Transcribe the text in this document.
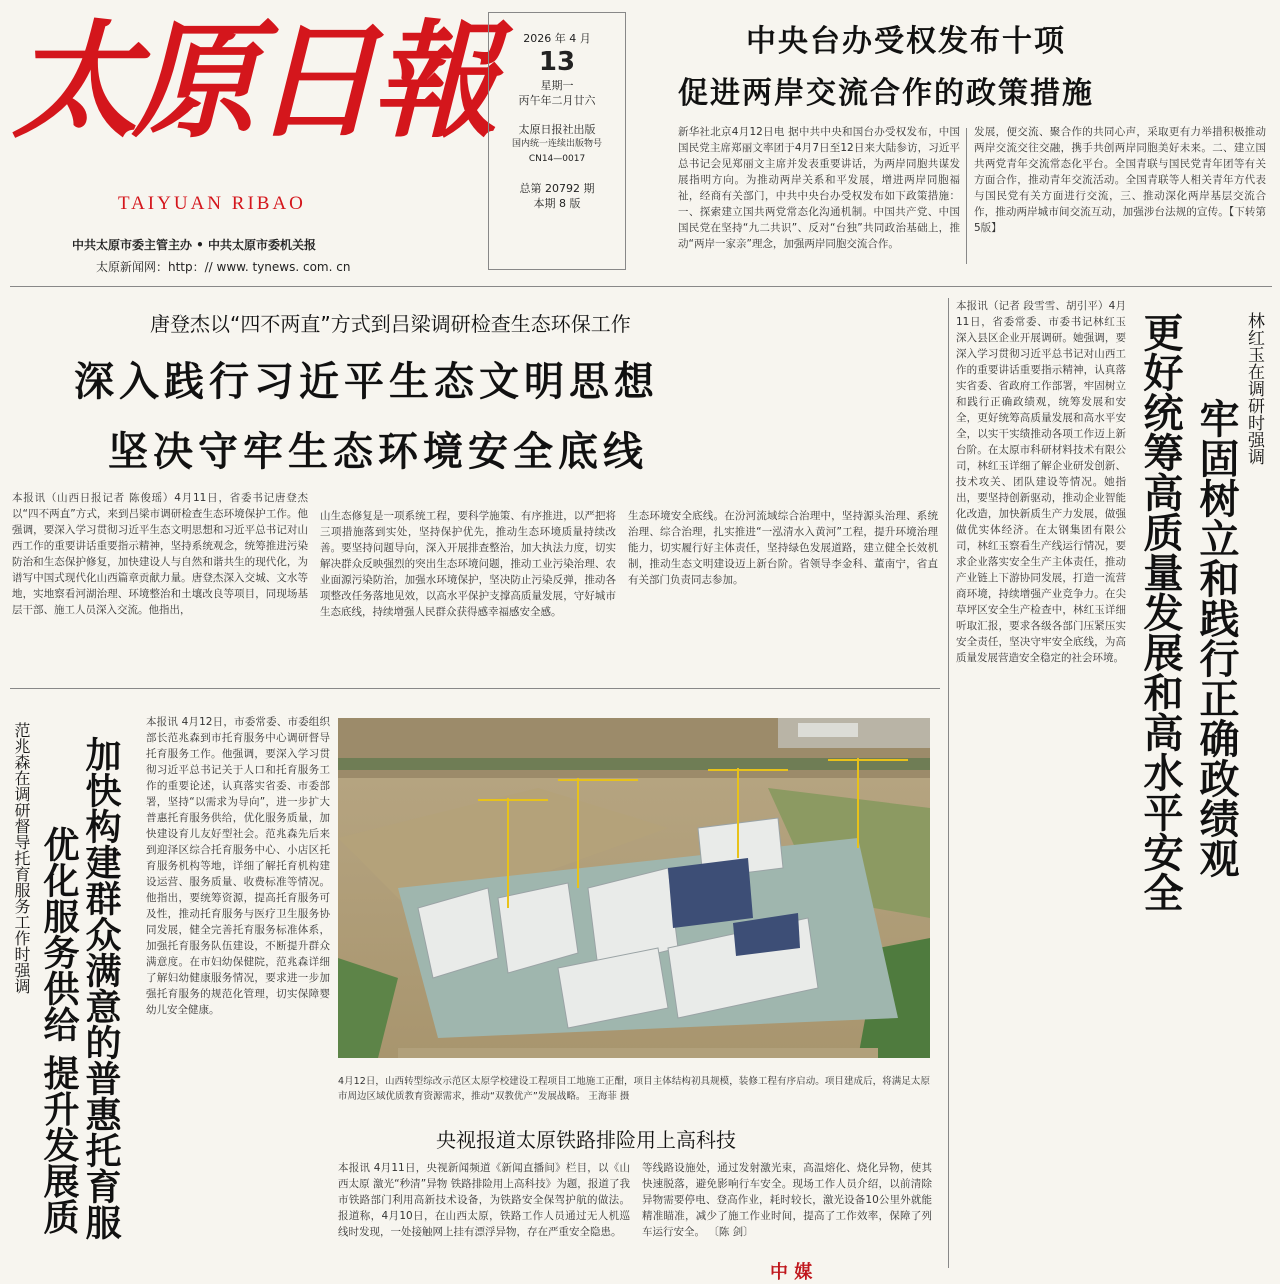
太原日報
TAIYUAN RIBAO
中共太原市委主管主办 • 中共太原市委机关报
太原新闻网：http：// www. tynews. com. cn
2026 年 4 月
13
星期一
丙午年二月廿六
太原日报社出版
国内统一连续出版物号
CN14—0017
总第 20792 期
本期 8 版
中央台办受权发布十项
促进两岸交流合作的政策措施
新华社北京4月12日电 据中共中央和国台办受权发布，中国国民党主席郑丽文率团于4月7日至12日来大陆参访，习近平总书记会见郑丽文主席并发表重要讲话，为两岸同胞共谋发展指明方向。为推动两岸关系和平发展，增进两岸同胞福祉，经商有关部门，中共中央台办受权发布如下政策措施：一、探索建立国共两党常态化沟通机制。中国共产党、中国国民党在坚持“九二共识”、反对“台独”共同政治基础上，推动“两岸一家亲”理念，加强两岸同胞交流合作。
发展，便交流、聚合作的共同心声，采取更有力举措积极推动两岸交流交往交融，携手共创两岸同胞美好未来。二、建立国共两党青年交流常态化平台。全国青联与国民党青年团等有关方面合作，推动青年交流活动。全国青联等人相关青年方代表与国民党有关方面进行交流，三、推动深化两岸基层交流合作，推动两岸城市间交流互动，加强涉台法规的宣传。【下转第5版】
唐登杰以“四不两直”方式到吕梁调研检查生态环保工作
深入践行习近平生态文明思想
坚决守牢生态环境安全底线
本报讯（山西日报记者 陈俊瑶）4月11日，省委书记唐登杰以“四不两直”方式，来到吕梁市调研检查生态环境保护工作。他强调，要深入学习贯彻习近平生态文明思想和习近平总书记对山西工作的重要讲话重要指示精神，坚持系统观念，统筹推进污染防治和生态保护修复，加快建设人与自然和谐共生的现代化，为谱写中国式现代化山西篇章贡献力量。唐登杰深入交城、文水等地，实地察看河湖治理、环境整治和土壤改良等项目，同现场基层干部、施工人员深入交流。他指出，
山生态修复是一项系统工程，要科学施策、有序推进，以严把将三项措施落到实处，坚持保护优先，推动生态环境质量持续改善。要坚持问题导向，深入开展排查整治，加大执法力度，切实解决群众反映强烈的突出生态环境问题，推动工业污染治理、农业面源污染防治，加强水环境保护，坚决防止污染反弹，推动各项整改任务落地见效，以高水平保护支撑高质量发展，守好城市生态底线，持续增强人民群众获得感幸福感安全感。
生态环境安全底线。在汾河流域综合治理中，坚持源头治理、系统治理、综合治理，扎实推进“一泓清水入黄河”工程，提升环境治理能力，切实履行好主体责任，坚持绿色发展道路，建立健全长效机制，推动生态文明建设迈上新台阶。省领导李金科、董南宁，省直有关部门负责同志参加。
本报讯（记者 段雪雪、胡引平）4月11日，省委常委、市委书记林红玉深入县区企业开展调研。她强调，要深入学习贯彻习近平总书记对山西工作的重要讲话重要指示精神，认真落实省委、省政府工作部署，牢固树立和践行正确政绩观，统筹发展和安全，更好统筹高质量发展和高水平安全，以实干实绩推动各项工作迈上新台阶。在太原市科研材料技术有限公司，林红玉详细了解企业研发创新、技术攻关、团队建设等情况。她指出，要坚持创新驱动，推动企业智能化改造，加快新质生产力发展，做强做优实体经济。在太钢集团有限公司，林红玉察看生产线运行情况，要求企业落实安全生产主体责任，推动产业链上下游协同发展，打造一流营商环境，持续增强产业竞争力。在尖草坪区安全生产检查中，林红玉详细听取汇报，要求各级各部门压紧压实安全责任，坚决守牢安全底线，为高质量发展营造安全稳定的社会环境。
林红玉在调研时强调
牢固树立和践行正确政绩观
更好统筹高质量发展和高水平安全
范兆森在调研督导托育服务工作时强调 加快构建群众满意的普惠托育服
优化服务供给 提升发展质
本报讯 4月12日，市委常委、市委组织部长范兆森到市托育服务中心调研督导托育服务工作。他强调，要深入学习贯彻习近平总书记关于人口和托育服务工作的重要论述，认真落实省委、市委部署，坚持“以需求为导向”，进一步扩大普惠托育服务供给，优化服务质量，加快建设育儿友好型社会。范兆森先后来到迎泽区综合托育服务中心、小店区托育服务机构等地，详细了解托育机构建设运营、服务质量、收费标准等情况。他指出，要统筹资源，提高托育服务可及性，推动托育服务与医疗卫生服务协同发展，健全完善托育服务标准体系，加强托育服务队伍建设，不断提升群众满意度。在市妇幼保健院，范兆森详细了解妇幼健康服务情况，要求进一步加强托育服务的规范化管理，切实保障婴幼儿安全健康。
4月12日，山西转型综改示范区太原学校建设工程项目工地施工正酣，项目主体结构初具规模，装修工程有序启动。项目建成后，将满足太原市周边区域优质教育资源需求，推动“双教优产”发展战略。 王海菲 摄
央视报道太原铁路排险用上高科技
本报讯 4月11日，央视新闻频道《新闻直播间》栏目，以《山西太原 激光“秒清”异物 铁路排险用上高科技》为题，报道了我市铁路部门利用高新技术设备，为铁路安全保驾护航的做法。报道称，4月10日，在山西太原，铁路工作人员通过无人机巡线时发现，一处接触网上挂有漂浮异物，存在严重安全隐患。
等线路设施处，通过发射激光束，高温熔化、烧化异物，使其快速脱落，避免影响行车安全。现场工作人员介绍，以前清除异物需要停电、登高作业，耗时较长，激光设备10公里外就能精准瞄准，减少了施工作业时间，提高了工作效率，保障了列车运行安全。 〔陈 剑〕
中 媒
